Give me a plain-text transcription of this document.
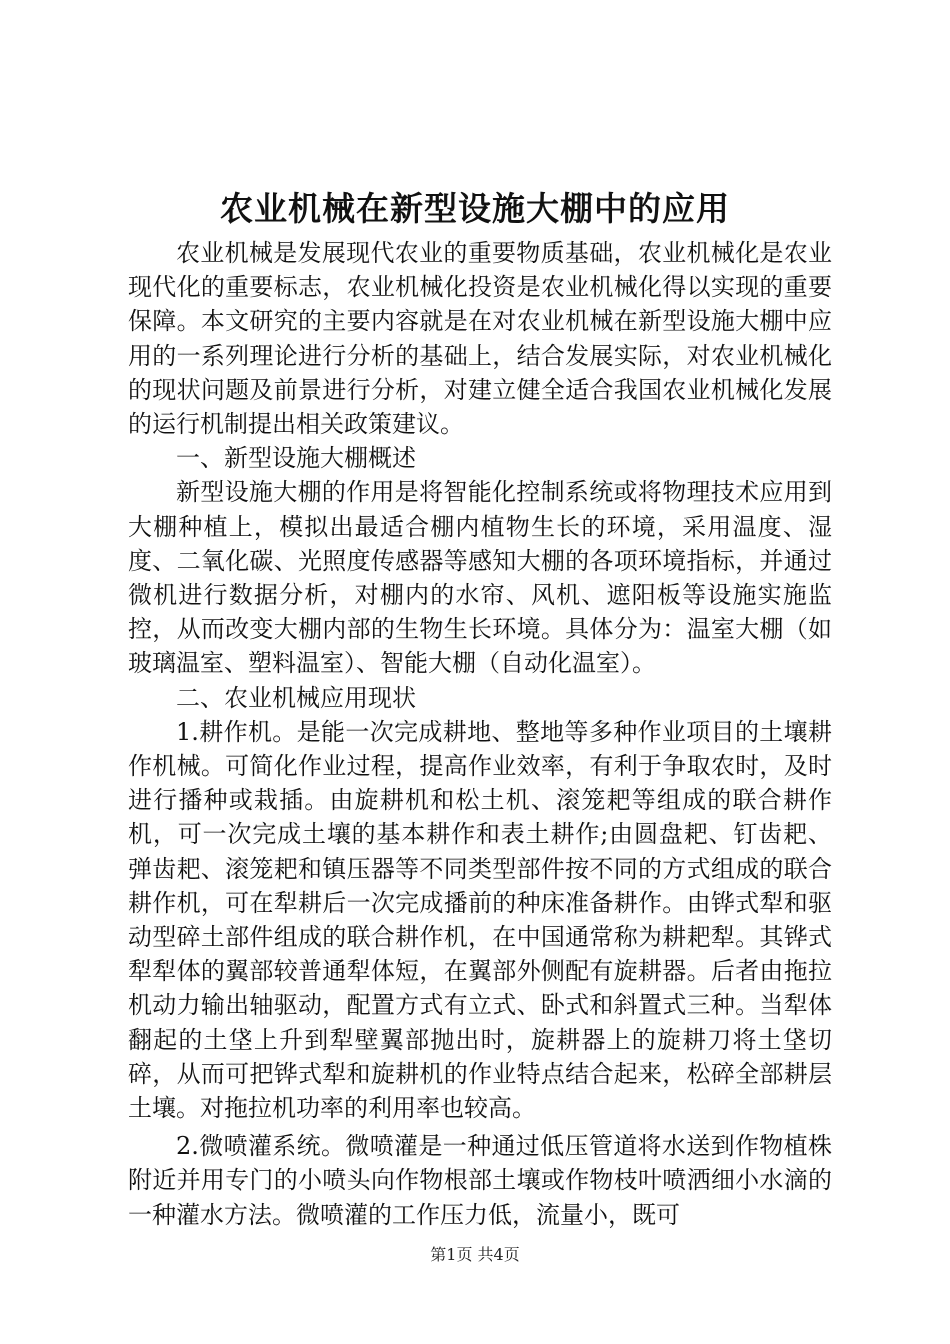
农业机械在新型设施大棚中的应用

农业机械是发展现代农业的重要物质基础，农业机械化是农业现代化的重要标志，农业机械化投资是农业机械化得以实现的重要保障。本文研究的主要内容就是在对农业机械在新型设施大棚中应用的一系列理论进行分析的基础上，结合发展实际，对农业机械化的现状问题及前景进行分析，对建立健全适合我国农业机械化发展的运行机制提出相关政策建议。

一、新型设施大棚概述

新型设施大棚的作用是将智能化控制系统或将物理技术应用到大棚种植上，模拟出最适合棚内植物生长的环境，采用温度、湿度、二氧化碳、光照度传感器等感知大棚的各项环境指标，并通过微机进行数据分析，对棚内的水帘、风机、遮阳板等设施实施监控，从而改变大棚内部的生物生长环境。具体分为：温室大棚（如玻璃温室、塑料温室）、智能大棚（自动化温室）。

二、农业机械应用现状

1.耕作机。是能一次完成耕地、整地等多种作业项目的土壤耕作机械。可简化作业过程，提高作业效率，有利于争取农时，及时进行播种或栽插。由旋耕机和松土机、滚笼耙等组成的联合耕作机，可一次完成土壤的基本耕作和表土耕作;由圆盘耙、钉齿耙、弹齿耙、滚笼耙和镇压器等不同类型部件按不同的方式组成的联合耕作机，可在犁耕后一次完成播前的种床准备耕作。由铧式犁和驱动型碎土部件组成的联合耕作机，在中国通常称为耕耙犁。其铧式犁犁体的翼部较普通犁体短，在翼部外侧配有旋耕器。后者由拖拉机动力输出轴驱动，配置方式有立式、卧式和斜置式三种。当犁体翻起的土垡上升到犁壁翼部抛出时，旋耕器上的旋耕刀将土垡切碎，从而可把铧式犁和旋耕机的作业特点结合起来，松碎全部耕层土壤。对拖拉机功率的利用率也较高。

2.微喷灌系统。微喷灌是一种通过低压管道将水送到作物植株附近并用专门的小喷头向作物根部土壤或作物枝叶喷洒细小水滴的一种灌水方法。微喷灌的工作压力低，流量小，既可

第1页 共4页
